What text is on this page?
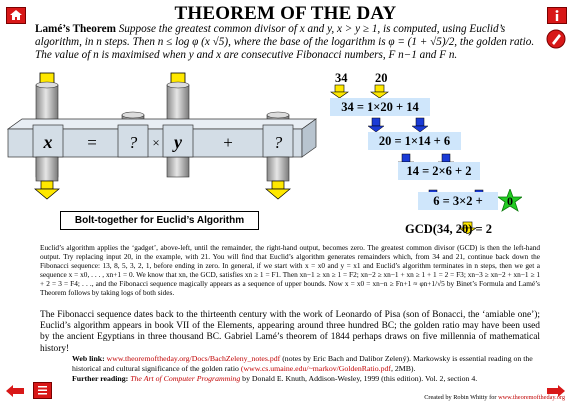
THEOREM OF THE DAY
Lamé’s Theorem Suppose the greatest common divisor of x and y, x > y ≥ 1, is computed, using Euclid’s algorithm, in n steps. Then n ≤ log φ (x √5), where the base of the logarithm is φ = (1 + √5)/2, the golden ratio. The value of n is maximised when y and x are consecutive Fibonacci numbers, F n−1 and F n.
x = ? × y + ?
Bolt-together for Euclid’s Algorithm
34 20
34 = 1×20 + 14
20 = 1×14 + 6
14 = 2×6 + 2
6 = 3×2 +	0
GCD(34, 20) = 2
Euclid’s algorithm applies the ‘gadget’, above-left, until the remainder, the right-hand output, becomes zero. The greatest common divisor (GCD) is then the left-hand output. Try replacing input 20, in the example, with 21. You will find that Euclid’s algorithm generates remainders which, from 34 and 21, continue back down the Fibonacci sequence: 13, 8, 5, 3, 2, 1, before ending in zero. In general, if we start with x = x0 and y = x1 and Euclid’s algorithm terminates in n steps, then we get a sequence x = x0, . . . , xn+1 = 0. We know that xn, the GCD, satisfies xn ≥ 1 = F1. Then xn−1 ≥ xn ≥ 1 = F2; xn−2 ≥ xn−1 + xn ≥ 1 + 1 = 2 = F3; xn−3 ≥ xn−2 + xn−1 ≥ 1 + 2 = 3 = F4; . . ., and the Fibonacci sequence magically appears as a sequence of upper bounds. Now x = x0 = xn−n ≥ Fn+1 ≈ φn+1/√5 by Binet’s Formula and Lamé’s Theorem follows by taking logs of both sides.
The Fibonacci sequence dates back to the thirteenth century with the work of Leonardo of Pisa (son of Bonacci, the ‘amiable one’); Euclid’s algorithm appears in book VII of the Elements, appearing around three hundred BC; the golden ratio may have been used by the ancient Egyptians in three thousand BC. Gabriel Lamé’s theorem of 1844 perhaps draws on five millennia of mathematical history!
Web link: www.theoremoftheday.org/Docs/BachZeleny_notes.pdf (notes by Eric Bach and Dalibor Zelený). Markowsky is essential reading on the historical and cultural significance of the golden ratio (www.cs.umaine.edu/~markov/GoldenRatio.pdf, 2MB).
Further reading: The Art of Computer Programming by Donald E. Knuth, Addison-Wesley, 1999 (this edition). Vol. 2, section 4.
Created by Robin Whitty for www.theoremoftheday.org
